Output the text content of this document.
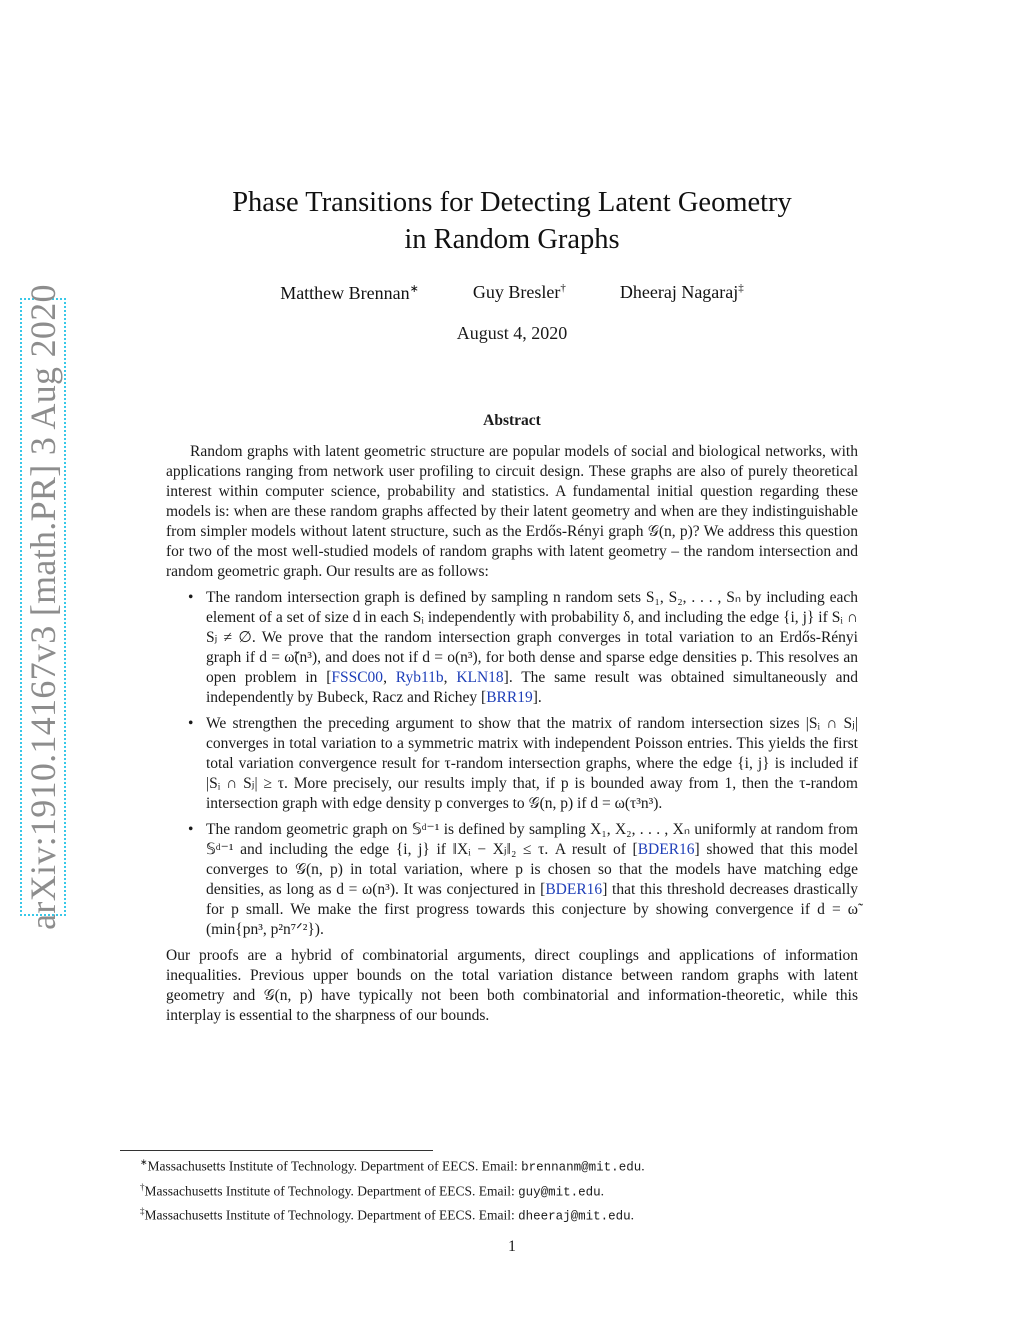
arXiv:1910.14167v3 [math.PR] 3 Aug 2020
Phase Transitions for Detecting Latent Geometry
in Random Graphs
Matthew Brennan∗	Guy Bresler†	Dheeraj Nagaraj‡
August 4, 2020
Abstract

Random graphs with latent geometric structure are popular models of social and biological networks, with applications ranging from network user profiling to circuit design. These graphs are also of purely theoretical interest within computer science, probability and statistics. A fundamental initial question regarding these models is: when are these random graphs affected by their latent geometry and when are they indistinguishable from simpler models without latent structure, such as the Erdős-Rényi graph 𝒢(n, p)? We address this question for two of the most well-studied models of random graphs with latent geometry – the random intersection and random geometric graph. Our results are as follows:

• The random intersection graph is defined by sampling n random sets S₁, S₂, . . . , Sₙ by including each element of a set of size d in each Sᵢ independently with probability δ, and including the edge {i, j} if Sᵢ ∩ Sⱼ ≠ ∅. We prove that the random intersection graph converges in total variation to an Erdős-Rényi graph if d = ω̃(n³), and does not if d = o(n³), for both dense and sparse edge densities p. This resolves an open problem in [FSSC00, Ryb11b, KLN18]. The same result was obtained simultaneously and independently by Bubeck, Racz and Richey [BRR19].
• We strengthen the preceding argument to show that the matrix of random intersection sizes |Sᵢ ∩ Sⱼ| converges in total variation to a symmetric matrix with independent Poisson entries. This yields the first total variation convergence result for τ-random intersection graphs, where the edge {i, j} is included if |Sᵢ ∩ Sⱼ| ≥ τ. More precisely, our results imply that, if p is bounded away from 1, then the τ-random intersection graph with edge density p converges to 𝒢(n, p) if d = ω(τ³n³).
• The random geometric graph on 𝕊ᵈ⁻¹ is defined by sampling X₁, X₂, . . . , Xₙ uniformly at random from 𝕊ᵈ⁻¹ and including the edge {i, j} if ‖Xᵢ − Xⱼ‖₂ ≤ τ. A result of [BDER16] showed that this model converges to 𝒢(n, p) in total variation, where p is chosen so that the models have matching edge densities, as long as d = ω(n³). It was conjectured in [BDER16] that this threshold decreases drastically for p small. We make the first progress towards this conjecture by showing convergence if d = ω̃ (min{pn³, p²n⁷ᐟ²}).

Our proofs are a hybrid of combinatorial arguments, direct couplings and applications of information inequalities. Previous upper bounds on the total variation distance between random graphs with latent geometry and 𝒢(n, p) have typically not been both combinatorial and information-theoretic, while this interplay is essential to the sharpness of our bounds.

∗Massachusetts Institute of Technology. Department of EECS. Email: brennanm@mit.edu.
†Massachusetts Institute of Technology. Department of EECS. Email: guy@mit.edu.
‡Massachusetts Institute of Technology. Department of EECS. Email: dheeraj@mit.edu.
1
